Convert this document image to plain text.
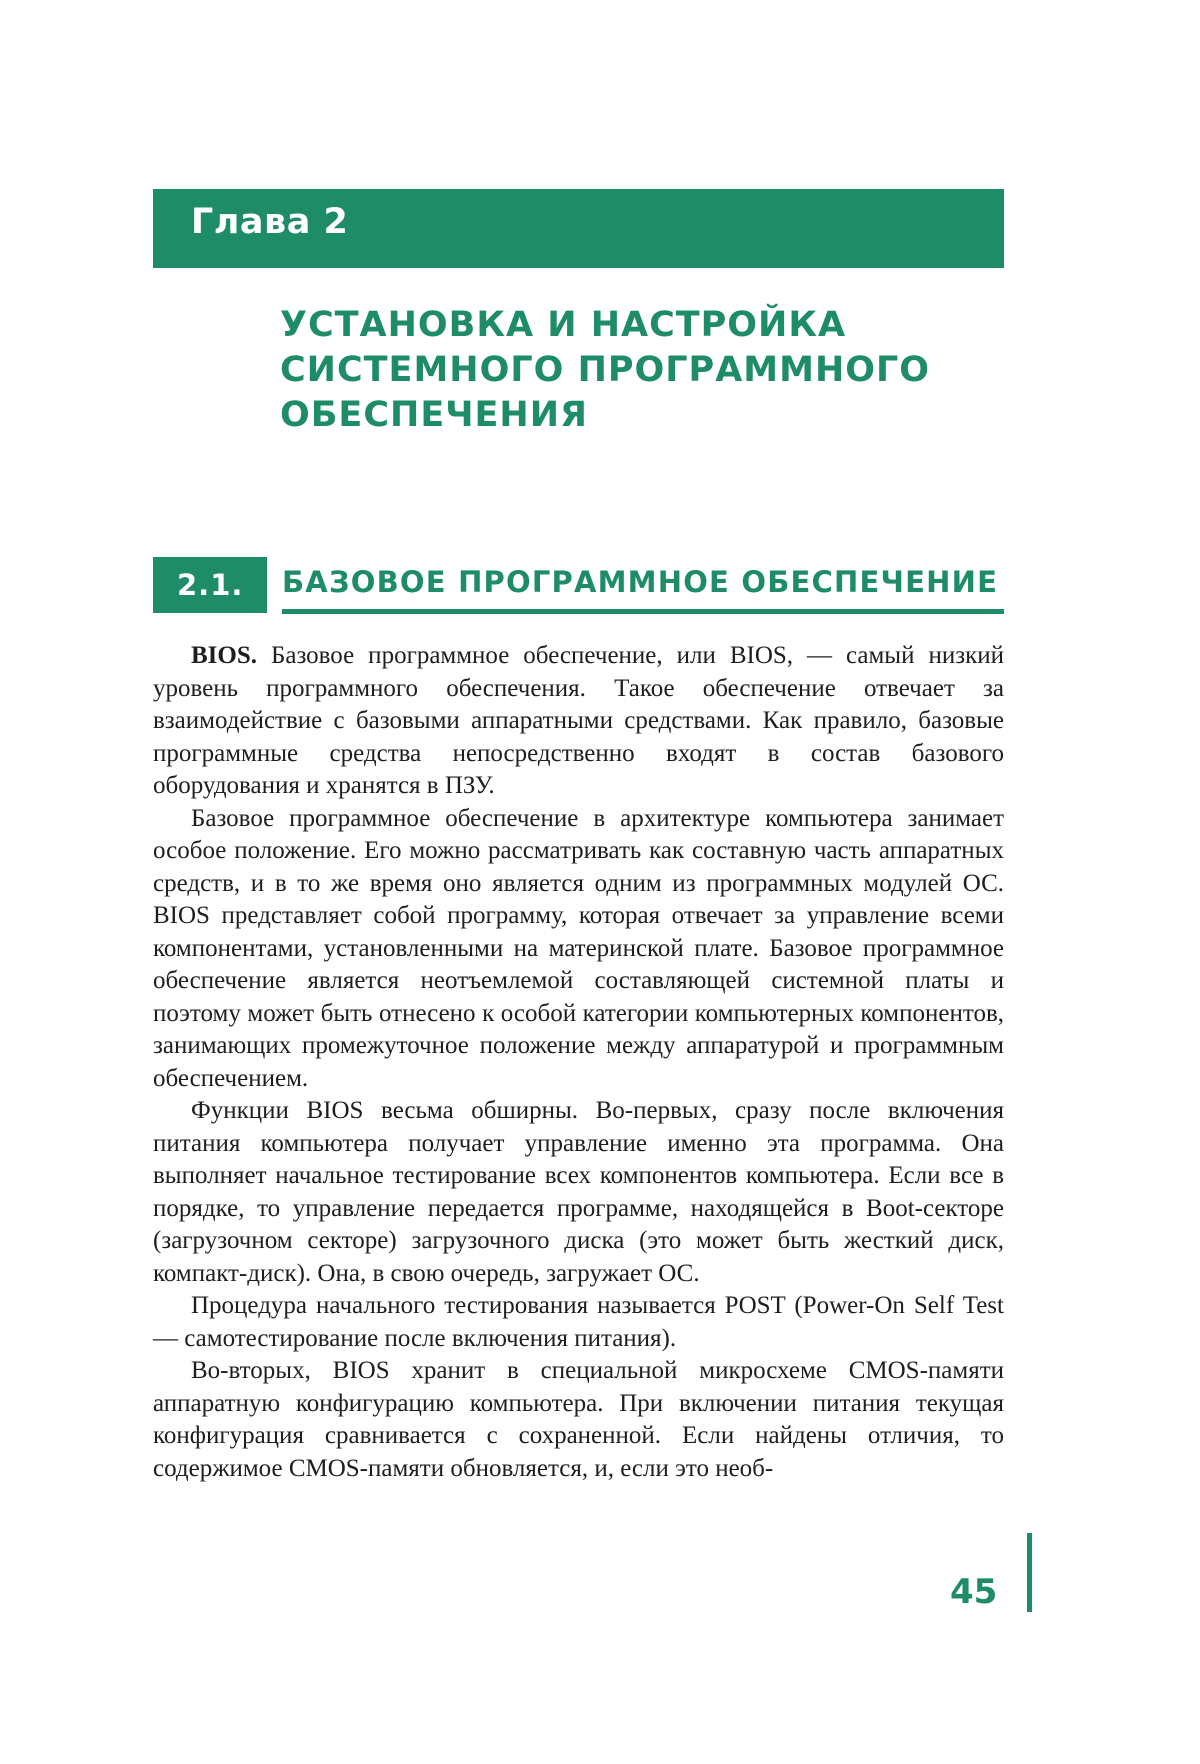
Глава 2
УСТАНОВКА И НАСТРОЙКА
СИСТЕМНОГО ПРОГРАММНОГО
ОБЕСПЕЧЕНИЯ
2.1. БАЗОВОЕ ПРОГРАММНОЕ ОБЕСПЕЧЕНИЕ

BIOS. Базовое программное обеспечение, или BIOS, — самый низкий уровень программного обеспечения. Такое обеспечение отвечает за взаимодействие с базовыми аппаратными средствами. Как правило, базовые программные средства непосредственно входят в состав базового оборудования и хранятся в ПЗУ.

Базовое программное обеспечение в архитектуре компьютера занимает особое положение. Его можно рассматривать как составную часть аппаратных средств, и в то же время оно является одним из программных модулей ОС. BIOS представляет собой программу, которая отвечает за управление всеми компонентами, установленными на материнской плате. Базовое программное обеспечение является неотъемлемой составляющей системной платы и поэтому может быть отнесено к особой категории компьютерных компонентов, занимающих промежуточное положение между аппаратурой и программным обеспечением.

Функции BIOS весьма обширны. Во-первых, сразу после включения питания компьютера получает управление именно эта программа. Она выполняет начальное тестирование всех компонентов компьютера. Если все в порядке, то управление передается программе, находящейся в Boot-секторе (загрузочном секторе) загрузочного диска (это может быть жесткий диск, компакт-диск). Она, в свою очередь, загружает ОС.

Процедура начального тестирования называется POST (Power-On Self Test — самотестирование после включения питания).

Во-вторых, BIOS хранит в специальной микросхеме CMOS-памяти аппаратную конфигурацию компьютера. При включении питания текущая конфигурация сравнивается с сохраненной. Если найдены отличия, то содержимое CMOS-памяти обновляется, и, если это необ-

45
